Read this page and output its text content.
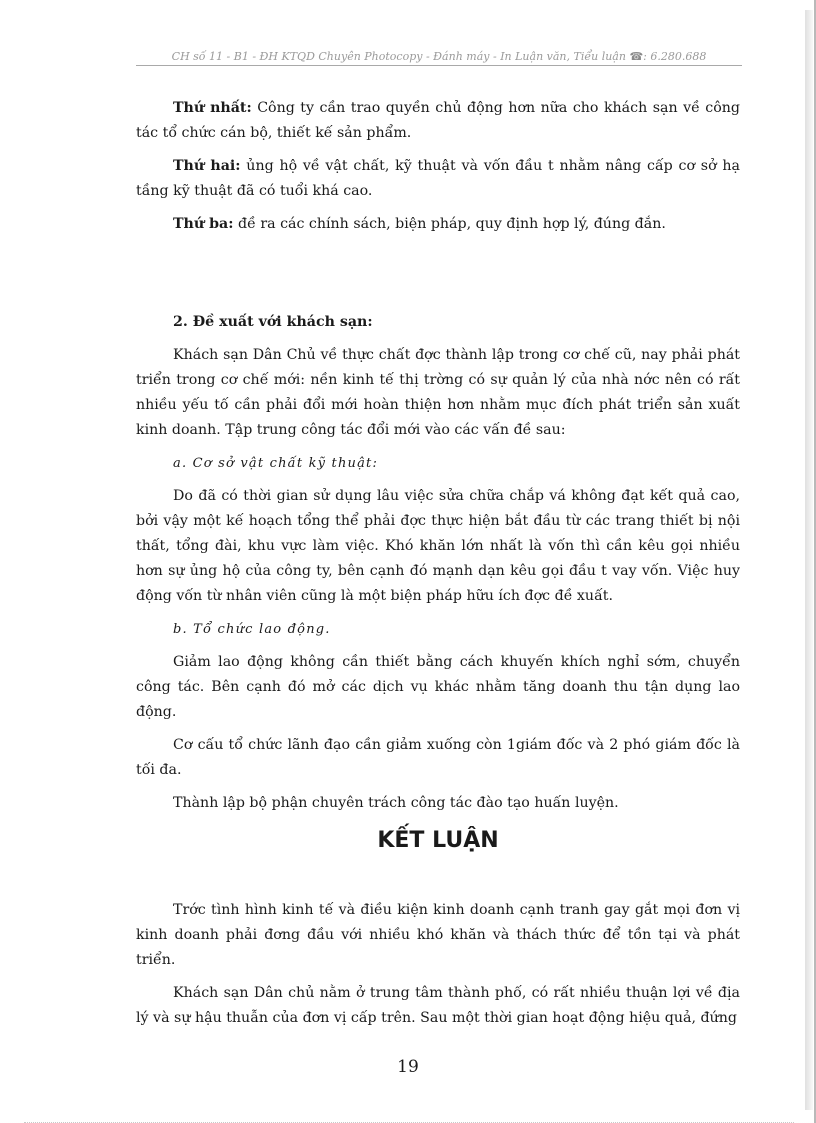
CH số 11 - B1 - ĐH KTQD Chuyên Photocopy - Đánh máy - In Luận văn, Tiểu luận ☎: 6.280.688

Thứ nhất: Công ty cần trao quyền chủ động hơn nữa cho khách sạn về công tác tổ chức cán bộ, thiết kế sản phẩm.

Thứ hai: ủng hộ về vật chất, kỹ thuật và vốn đầu t nhằm nâng cấp cơ sở hạ tầng kỹ thuật đã có tuổi khá cao.

Thứ ba: đề ra các chính sách, biện pháp, quy định hợp lý, đúng đắn.

2. Đề xuất với khách sạn:

Khách sạn Dân Chủ về thực chất đợc thành lập trong cơ chế cũ, nay phải phát triển trong cơ chế mới: nền kinh tế thị trờng có sự quản lý của nhà nớc nên có rất nhiều yếu tố cần phải đổi mới hoàn thiện hơn nhằm mục đích phát triển sản xuất kinh doanh. Tập trung công tác đổi mới vào các vấn đề sau:

a. Cơ sở vật chất kỹ thuật:

Do đã có thời gian sử dụng lâu việc sửa chữa chắp vá không đạt kết quả cao, bởi vậy một kế hoạch tổng thể phải đợc thực hiện bắt đầu từ các trang thiết bị nội thất, tổng đài, khu vực làm việc. Khó khăn lớn nhất là vốn thì cần kêu gọi nhiều hơn sự ủng hộ của công ty, bên cạnh đó mạnh dạn kêu gọi đầu t vay vốn. Việc huy động vốn từ nhân viên cũng là một biện pháp hữu ích đợc đề xuất.

b. Tổ chức lao động.

Giảm lao động không cần thiết bằng cách khuyến khích nghỉ sớm, chuyển công tác. Bên cạnh đó mở các dịch vụ khác nhằm tăng doanh thu tận dụng lao động.

Cơ cấu tổ chức lãnh đạo cần giảm xuống còn 1giám đốc và 2 phó giám đốc là tối đa.

Thành lập bộ phận chuyên trách công tác đào tạo huấn luyện.

KẾT LUẬN

Trớc tình hình kinh tế và điều kiện kinh doanh cạnh tranh gay gắt mọi đơn vị kinh doanh phải đơng đầu với nhiều khó khăn và thách thức để tồn tại và phát triển.

Khách sạn Dân chủ nằm ở trung tâm thành phố, có rất nhiều thuận lợi về địa lý và sự hậu thuẫn của đơn vị cấp trên. Sau một thời gian hoạt động hiệu quả, đứng

19
